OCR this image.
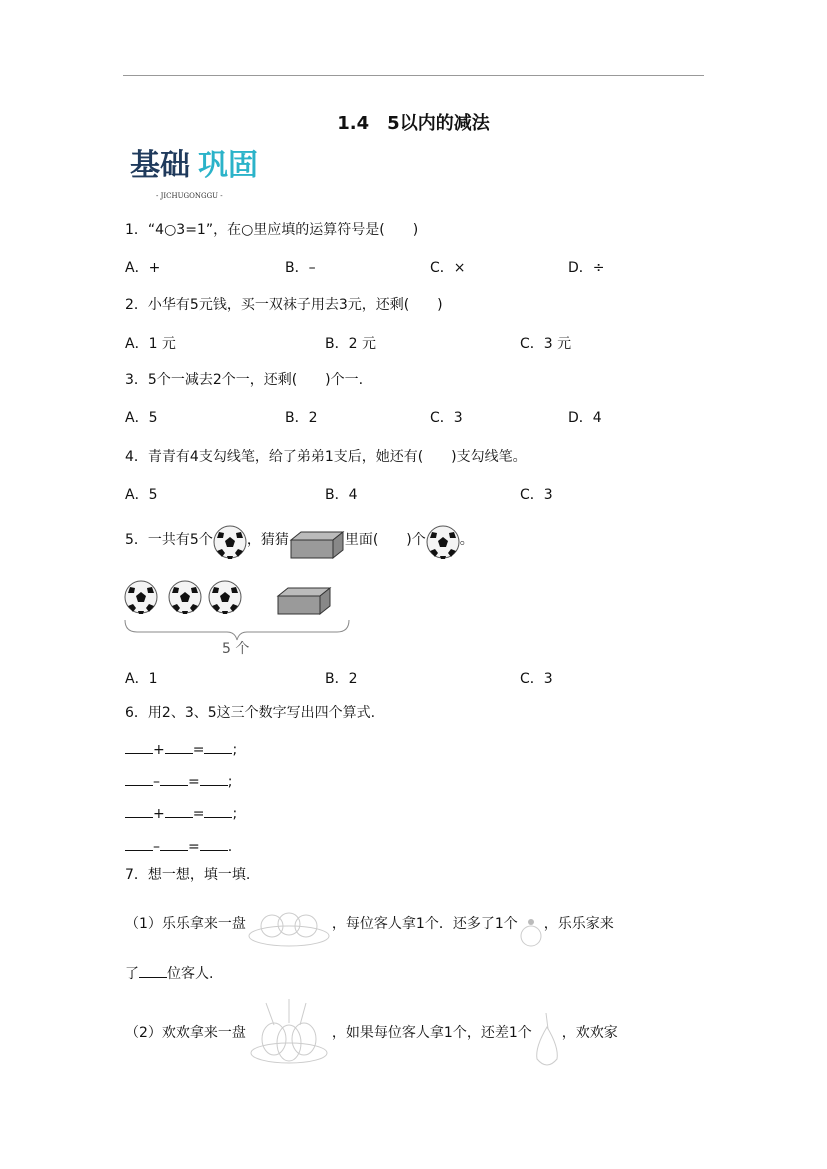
1.4　5以内的减法
基础 巩固
- JICHUGONGGU -
1．“4○3=1”，在○里应填的运算符号是(　　)
A．+	B．–	C．×	D．÷
2．小华有5元钱，买一双袜子用去3元，还剩(　　)
A．1 元	B．2 元	C．3 元
3．5个一减去2个一，还剩(　　)个一.
A．5	B．2	C．3	D．4
4．青青有4支勾线笔，给了弟弟1支后，她还有(　　)支勾线笔。
A．5	B．4	C．3
5．一共有5个 ，猜猜	里面(　　)个 。
5 个
A．1	B．2	C．3
6．用2、3、5这三个数字写出四个算式.
+ = ;
– = ;
+ = ;
– = .
7．想一想，填一填.
（1）乐乐拿来一盘	，每位客人拿1个．还多了1个 ，乐乐家来
了 位客人.
（2）欢欢拿来一盘	，如果每位客人拿1个，还差1个 ，欢欢家
